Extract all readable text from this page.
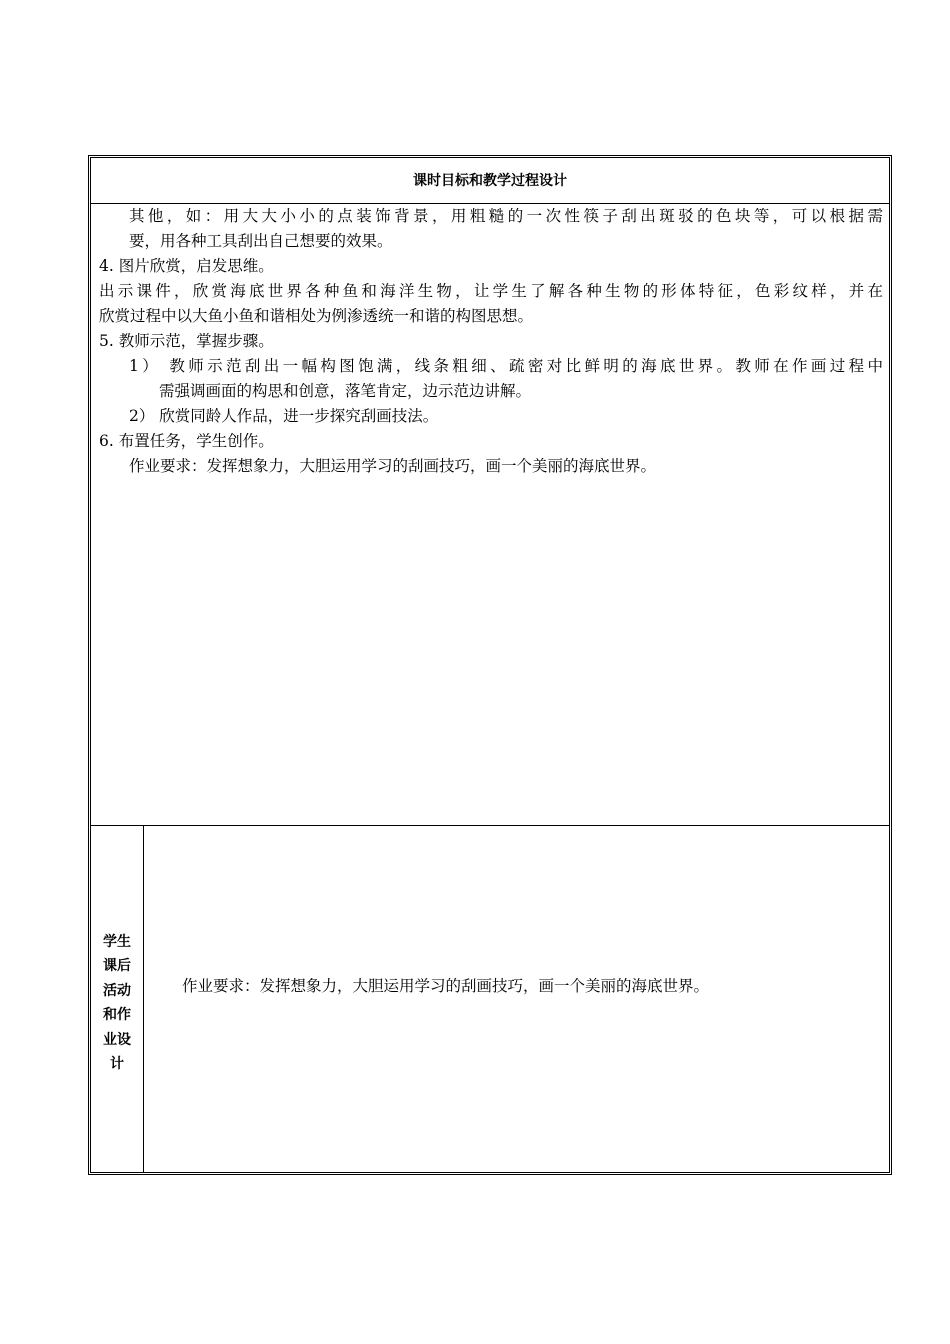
课时目标和教学过程设计

其他，如：用大大小小的点装饰背景，用粗糙的一次性筷子刮出斑驳的色块等，可以根据需

要，用各种工具刮出自己想要的效果。

4. 图片欣赏，启发思维。

出示课件，欣赏海底世界各种鱼和海洋生物，让学生了解各种生物的形体特征，色彩纹样，并在

欣赏过程中以大鱼小鱼和谐相处为例渗透统一和谐的构图思想。

5. 教师示范，掌握步骤。

1） 教师示范刮出一幅构图饱满，线条粗细、疏密对比鲜明的海底世界。教师在作画过程中

需强调画面的构思和创意，落笔肯定，边示范边讲解。

2） 欣赏同龄人作品，进一步探究刮画技法。

6. 布置任务，学生创作。

作业要求：发挥想象力，大胆运用学习的刮画技巧，画一个美丽的海底世界。

学生课后活动和作业设计
作业要求：发挥想象力，大胆运用学习的刮画技巧，画一个美丽的海底世界。
